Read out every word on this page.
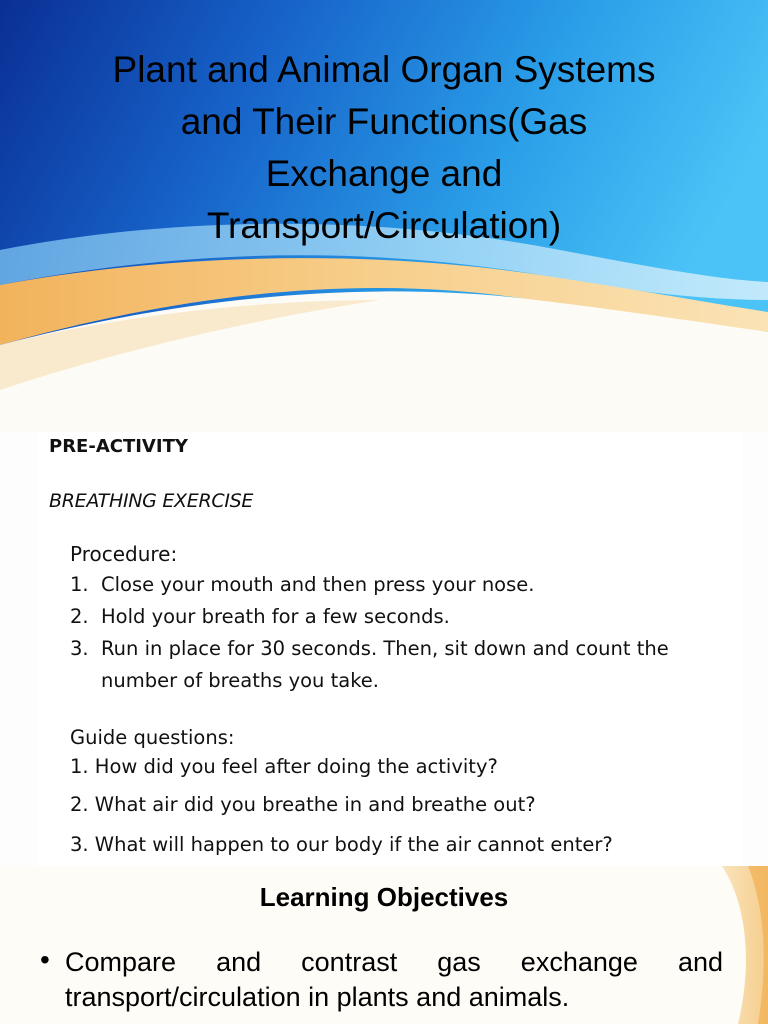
Plant and Animal Organ Systems
and Their Functions(Gas
Exchange and
Transport/Circulation)
PRE-ACTIVITY
BREATHING EXERCISE
Procedure:
1. Close your mouth and then press your nose.
2. Hold your breath for a few seconds.
3. Run in place for 30 seconds. Then, sit down and count the
number of breaths you take.
Guide questions:
1. How did you feel after doing the activity?
2. What air did you breathe in and breathe out?
3. What will happen to our body if the air cannot enter?
Learning Objectives
• Compare and contrast gas exchange and transport/circulation in plants and animals.
